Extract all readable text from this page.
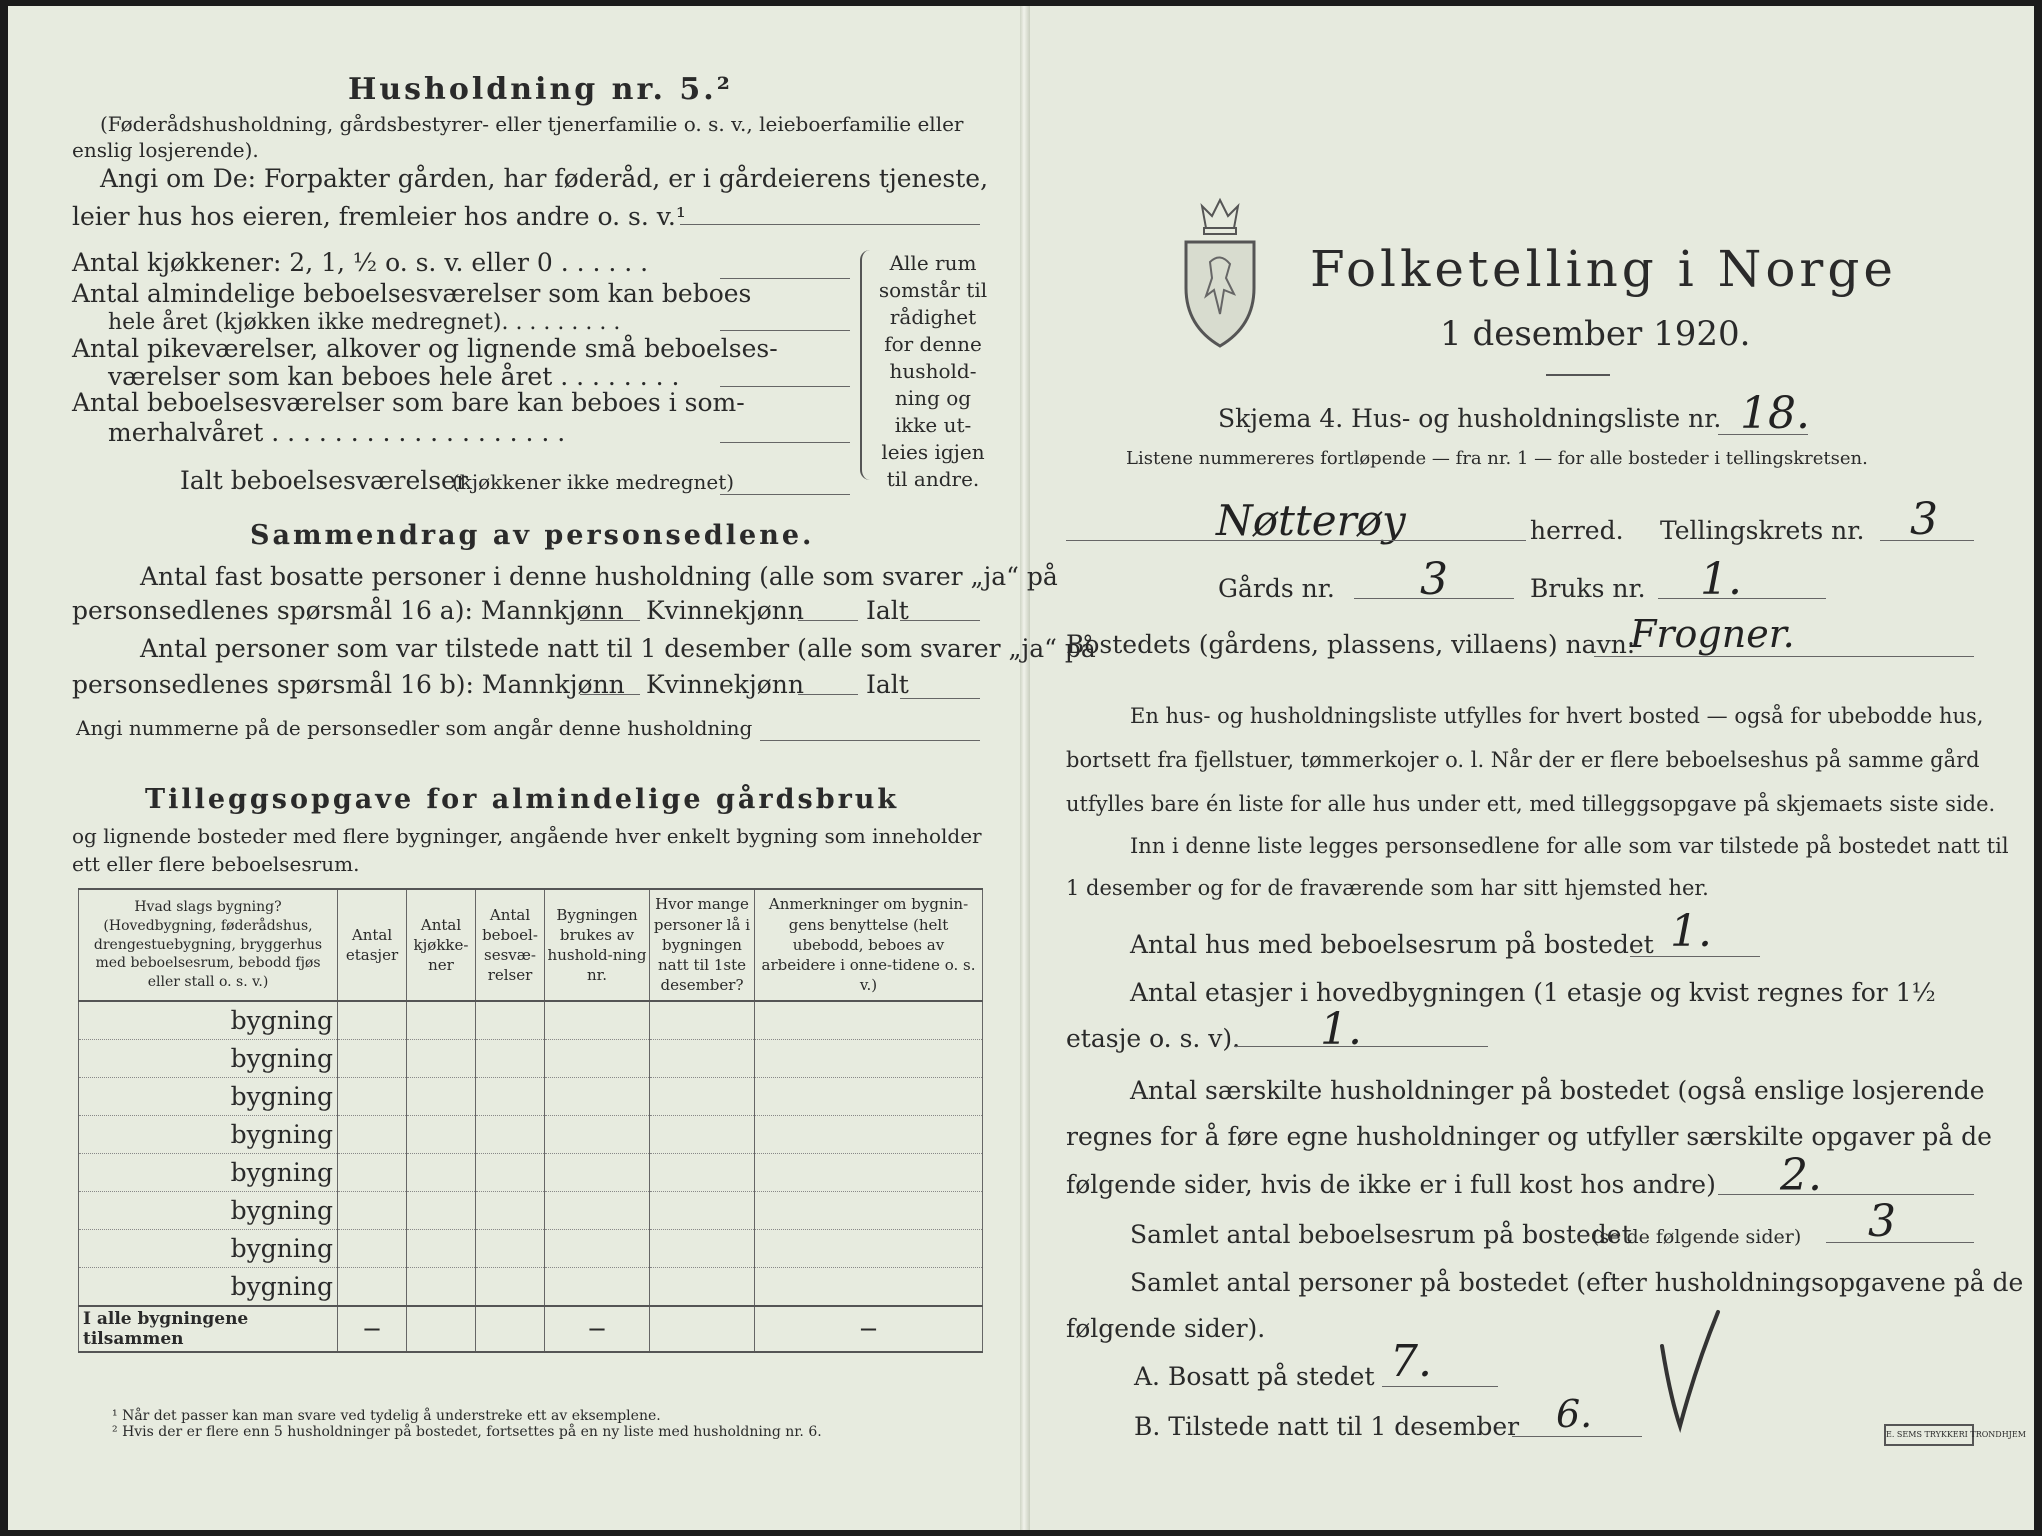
Husholdning nr. 5.²
(Føderådshusholdning, gårdsbestyrer- eller tjenerfamilie o. s. v., leieboerfamilie eller
enslig losjerende).
Angi om De: Forpakter gården, har føderåd, er i gårdeierens tjeneste,
leier hus hos eieren, fremleier hos andre o. s. v.¹
Antal kjøkkener: 2, 1, ½ o. s. v. eller 0 . . . . . .
Antal almindelige beboelsesværelser som kan beboes
hele året (kjøkken ikke medregnet). . . . . . . . .
Antal pikeværelser, alkover og lignende små beboelses-
værelser som kan beboes hele året . . . . . . . .
Antal beboelsesværelser som bare kan beboes i som-
merhalvåret . . . . . . . . . . . . . . . . . . .
Ialt beboelsesværelser
(kjøkkener ikke medregnet)
Alle rum
somstår til
rådighet
for denne
hushold-
ning og
ikke ut-
leies igjen
til andre.
Sammendrag av personsedlene.
Antal fast bosatte personer i denne husholdning (alle som svarer „ja“ på
personsedlenes spørsmål 16 a): Mannkjønn Kvinnekjønn Ialt
Antal personer som var tilstede natt til 1 desember (alle som svarer „ja“ på
personsedlenes spørsmål 16 b): Mannkjønn Kvinnekjønn Ialt
Angi nummerne på de personsedler som angår denne husholdning
Tilleggsopgave for almindelige gårdsbruk
og lignende bosteder med flere bygninger, angående hver enkelt bygning som inneholder
ett eller flere beboelsesrum.
Hvad slags bygning?
(Hovedbygning, føderådshus, drengestuebygning, bryggerhus med beboelsesrum, bebodd fjøs eller stall o. s. v.)	Antal etasjer	Antal kjøkke-ner	Antal beboel-sesvæ-relser	Bygningen brukes av hushold-ning nr.	Hvor mange personer lå i bygningen natt til 1ste desember?	Anmerkninger om bygnin-gens benyttelse (helt ubebodd, beboes av arbeidere i onne-tidene o. s. v.)
bygning						
bygning						
bygning						
bygning						
bygning						
bygning						
bygning						
bygning						
I alle bygningene tilsammen	—			—		—
¹ Når det passer kan man svare ved tydelig å understreke ett av eksemplene.
² Hvis der er flere enn 5 husholdninger på bostedet, fortsettes på en ny liste med husholdning nr. 6.
Folketelling i Norge
1 desember 1920.
Skjema 4. Hus- og husholdningsliste nr. 18.
Listene nummereres fortløpende — fra nr. 1 — for alle bosteder i tellingskretsen.
Nøtterøy	herred. Tellingskrets nr. 3
Gårds nr. 3	Bruks nr. 1.
Bostedets (gårdens, plassens, villaens) navn:
Frogner.
En hus- og husholdningsliste utfylles for hvert bosted — også for ubebodde hus,
bortsett fra fjellstuer, tømmerkojer o. l. Når der er flere beboelseshus på samme gård
utfylles bare én liste for alle hus under ett, med tilleggsopgave på skjemaets siste side.
Inn i denne liste legges personsedlene for alle som var tilstede på bostedet natt til
1 desember og for de fraværende som har sitt hjemsted her.
Antal hus med beboelsesrum på bostedet 1.
Antal etasjer i hovedbygningen (1 etasje og kvist regnes for 1½
etasje o. s. v). 1.
Antal særskilte husholdninger på bostedet (også enslige losjerende
regnes for å føre egne husholdninger og utfyller særskilte opgaver på de
følgende sider, hvis de ikke er i full kost hos andre) 2.
Samlet antal beboelsesrum på bostedet
(se de følgende sider) 3
Samlet antal personer på bostedet (efter husholdningsopgavene på de
følgende sider).
A. Bosatt på stedet 7.
B. Tilstede natt til 1 desember 6.	E. SEMS TRYKKERI TRONDHJEM
